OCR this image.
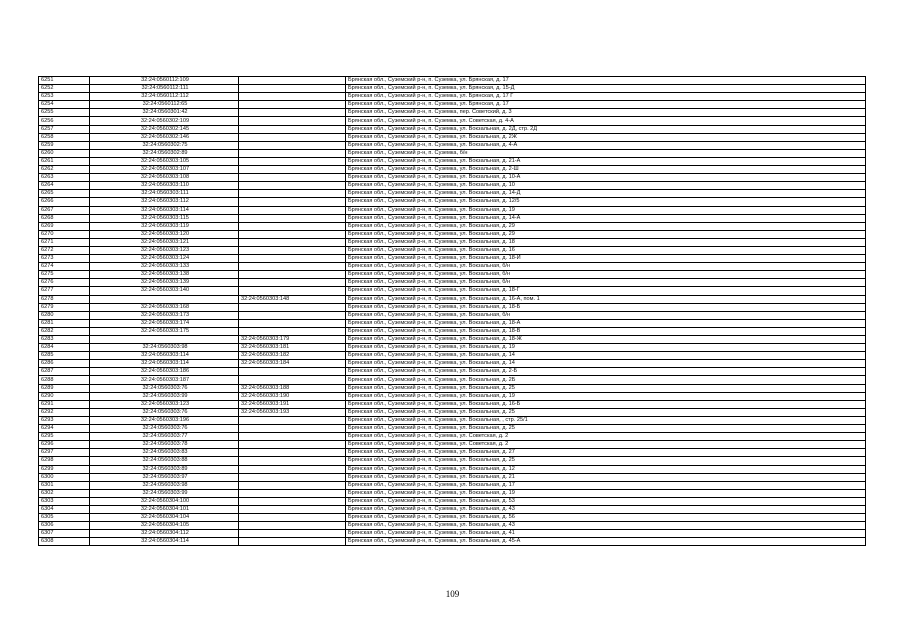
6251	32:24:0560112:109		Брянская обл., Суземский р-н, п. Суземка, ул. Брянская, д. 17
6252	32:24:0560112:111		Брянская обл., Суземский р-н, п. Суземка, ул. Брянская, д. 15-Д
6253	32:24:0560112:112		Брянская обл., Суземский р-н, п. Суземка, ул. Брянская, д. 17 Г
6254	32:24:0560112:65		Брянская обл., Суземский р-н, п. Суземка, ул. Брянская, д. 17
6255	32:24:0560301:42		Брянская обл., Суземский р-н, п. Суземка, пер. Советский, д. 3
6256	32:24:0560302:109		Брянская обл., Суземский р-н, п. Суземка, ул. Советская, д. 4-А
6257	32:24:0560302:145		Брянская обл., Суземский р-н, п. Суземка, ул. Вокзальная, д. 2Д, стр. 2Д
6258	32:24:0560302:146		Брянская обл., Суземский р-н, п. Суземка, ул. Вокзальная, д. 2Ж
6259	32:24:0560302:75		Брянская обл., Суземский р-н, п. Суземка, ул. Вокзальная, д. 4-А
6260	32:24:0560302:89		Брянская обл., Суземский р-н, п. Суземка, б/н
6261	32:24:0560303:105		Брянская обл., Суземский р-н, п. Суземка, ул. Вокзальная, д. 21-А
6262	32:24:0560303:107		Брянская обл., Суземский р-н, п. Суземка, ул. Вокзальная, д. 2-Ш
6263	32:24:0560303:108		Брянская обл., Суземский р-н, п. Суземка, ул. Вокзальная, д. 10-А
6264	32:24:0560303:110		Брянская обл., Суземский р-н, п. Суземка, ул. Вокзальная, д. 10
6265	32:24:0560303:111		Брянская обл., Суземский р-н, п. Суземка, ул. Вокзальная, д. 14-Д
6266	32:24:0560303:112		Брянская обл., Суземский р-н, п. Суземка, ул. Вокзальная, д. 12/5
6267	32:24:0560303:114		Брянская обл., Суземский р-н, п. Суземка, ул. Вокзальная, д. 19
6268	32:24:0560303:115		Брянская обл., Суземский р-н, п. Суземка, ул. Вокзальная, д. 14-А
6269	32:24:0560303:119		Брянская обл., Суземский р-н, п. Суземка, ул. Вокзальная, д. 29
6270	32:24:0560303:120		Брянская обл., Суземский р-н, п. Суземка, ул. Вокзальная, д. 29
6271	32:24:0560303:121		Брянская обл., Суземский р-н, п. Суземка, ул. Вокзальная, д. 18
6272	32:24:0560303:123		Брянская обл., Суземский р-н, п. Суземка, ул. Вокзальная, д. 16
6273	32:24:0560303:124		Брянская обл., Суземский р-н, п. Суземка, ул. Вокзальная, д. 18-И
6274	32:24:0560303:133		Брянская обл., Суземский р-н, п. Суземка, ул. Вокзальная, б/н
6275	32:24:0560303:138		Брянская обл., Суземский р-н, п. Суземка, ул. Вокзальная, б/н
6276	32:24:0560303:139		Брянская обл., Суземский р-н, п. Суземка, ул. Вокзальная, б/н
6277	32:24:0560303:140		Брянская обл., Суземский р-н, п. Суземка, ул. Вокзальная, д. 18-Г
6278		32:24:0560303:148	Брянская обл., Суземский р-н, п. Суземка, ул. Вокзальная, д. 16-А, пом. 1
6279	32:24:0560303:168		Брянская обл., Суземский р-н, п. Суземка, ул. Вокзальная, д. 18-Б
6280	32:24:0560303:173		Брянская обл., Суземский р-н, п. Суземка, ул. Вокзальная, б/н
6281	32:24:0560303:174		Брянская обл., Суземский р-н, п. Суземка, ул. Вокзальная, д. 18-А
6282	32:24:0560303:175		Брянская обл., Суземский р-н, п. Суземка, ул. Вокзальная, д. 18-В
6283		32:24:0560303:179	Брянская обл., Суземский р-н, п. Суземка, ул. Вокзальная, д. 18-Ж
6284	32:24:0560303:98	32:24:0560303:181	Брянская обл., Суземский р-н, п. Суземка, ул. Вокзальная, д. 19
6285	32:24:0560303:114	32:24:0560303:182	Брянская обл., Суземский р-н, п. Суземка, ул. Вокзальная, д. 14
6286	32:24:0560303:114	32:24:0560303:184	Брянская обл., Суземский р-н, п. Суземка, ул. Вокзальная, д. 14
6287	32:24:0560303:186		Брянская обл., Суземский р-н, п. Суземка, ул. Вокзальная, д. 2-Б
6288	32:24:0560303:187		Брянская обл., Суземский р-н, п. Суземка, ул. Вокзальная, д. 2Б
6289	32:24:0560303:76	32:24:0560303:188	Брянская обл., Суземский р-н, п. Суземка, ул. Вокзальная, д. 25
6290	32:24:0560303:99	32:24:0560303:190	Брянская обл., Суземский р-н, п. Суземка, ул. Вокзальная, д. 19
6291	32:24:0560303:123	32:24:0560303:191	Брянская обл., Суземский р-н, п. Суземка, ул. Вокзальная, д. 16-Б
6292	32:24:0560303:76	32:24:0560303:193	Брянская обл., Суземский р-н, п. Суземка, ул. Вокзальная, д. 25
6293	32:24:0560303:196		Брянская обл., Суземский р-н, п. Суземка, ул. Вокзальная, , стр. 25/1
6294	32:24:0560303:76		Брянская обл., Суземский р-н, п. Суземка, ул. Вокзальная, д. 25
6295	32:24:0560303:77		Брянская обл., Суземский р-н, п. Суземка, ул. Советская, д. 2
6296	32:24:0560303:78		Брянская обл., Суземский р-н, п. Суземка, ул. Советская, д. 2
6297	32:24:0560303:83		Брянская обл., Суземский р-н, п. Суземка, ул. Вокзальная, д. 27
6298	32:24:0560303:88		Брянская обл., Суземский р-н, п. Суземка, ул. Вокзальная, д. 25
6299	32:24:0560303:89		Брянская обл., Суземский р-н, п. Суземка, ул. Вокзальная, д. 12
6300	32:24:0560303:97		Брянская обл., Суземский р-н, п. Суземка, ул. Вокзальная, д. 21
6301	32:24:0560303:98		Брянская обл., Суземский р-н, п. Суземка, ул. Вокзальная, д. 17
6302	32:24:0560303:99		Брянская обл., Суземский р-н, п. Суземка, ул. Вокзальная, д. 19
6303	32:24:0560304:100		Брянская обл., Суземский р-н, п. Суземка, ул. Вокзальная, д. 53
6304	32:24:0560304:101		Брянская обл., Суземский р-н, п. Суземка, ул. Вокзальная, д. 43
6305	32:24:0560304:104		Брянская обл., Суземский р-н, п. Суземка, ул. Вокзальная, д. 56
6306	32:24:0560304:105		Брянская обл., Суземский р-н, п. Суземка, ул. Вокзальная, д. 43
6307	32:24:0560304:112		Брянская обл., Суземский р-н, п. Суземка, ул. Вокзальная, д. 41
6308	32:24:0560304:114		Брянская обл., Суземский р-н, п. Суземка, ул. Вокзальная, д. 45-А
109
